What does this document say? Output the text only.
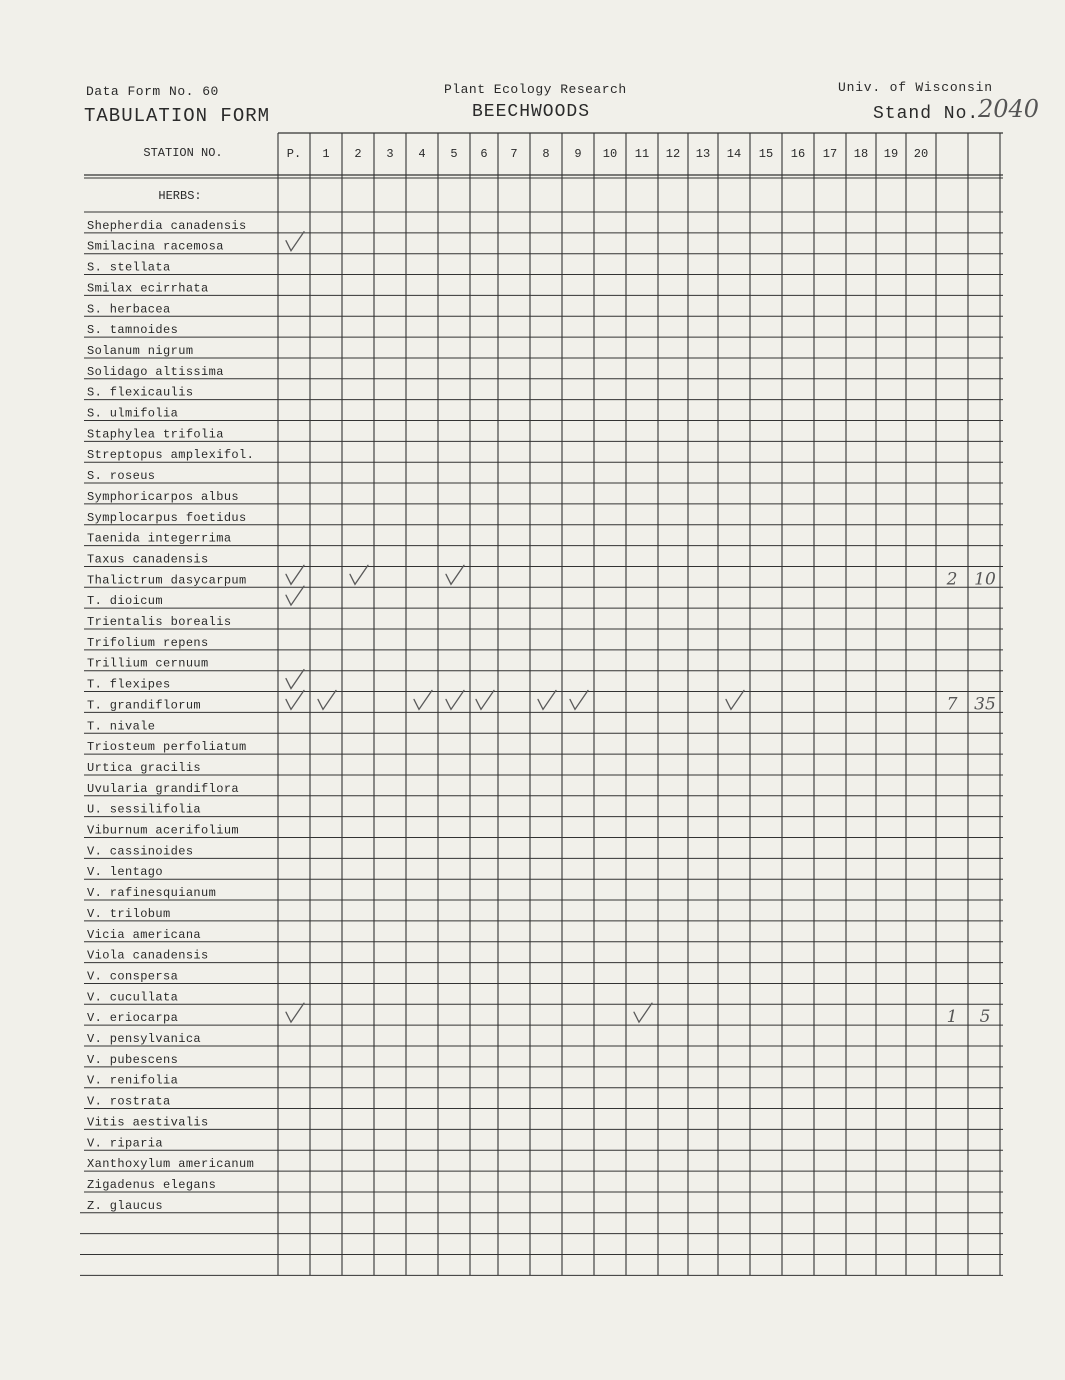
Data Form No. 60
TABULATION FORM
Plant Ecology Research
BEECHWOODS
Univ. of Wisconsin
Stand No.
2040
STATION NO.	P. 1 2 3 4 5 6 7 8 9 10 11 12 13 14 15 16 17 18 19 20
HERBS:
Shepherdia canadensis
Smilacina racemosa
S. stellata
Smilax ecirrhata
S. herbacea
S. tamnoides
Solanum nigrum
Solidago altissima
S. flexicaulis
S. ulmifolia
Staphylea trifolia
Streptopus amplexifol.
S. roseus
Symphoricarpos albus
Symplocarpus foetidus
Taenida integerrima
Taxus canadensis
Thalictrum dasycarpum
T. dioicum
Trientalis borealis
Trifolium repens
Trillium cernuum
T. flexipes
T. grandiflorum
T. nivale
Triosteum perfoliatum
Urtica gracilis
Uvularia grandiflora
U. sessilifolia
Viburnum acerifolium
V. cassinoides
V. lentago
V. rafinesquianum
V. trilobum
Vicia americana
Viola canadensis
V. conspersa
V. cucullata
V. eriocarpa
V. pensylvanica
V. pubescens
V. renifolia
V. rostrata
Vitis aestivalis
V. riparia
Xanthoxylum americanum
Zigadenus elegans
Z. glaucus
2 10
7 35
1 5
